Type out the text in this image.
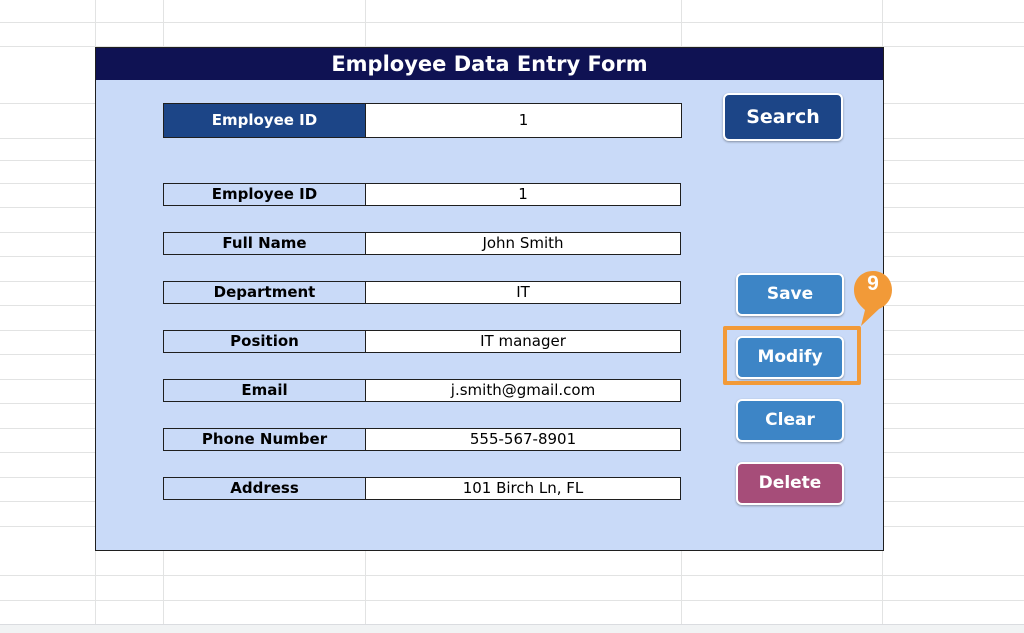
Employee Data Entry Form
Employee ID	1
Employee ID	1
Full Name	John Smith
Department	IT
Position	IT manager
Email	j.smith@gmail.com
Phone Number	555-567-8901
Address	101 Birch Ln, FL
Search
Save
Modify
Clear
Delete
9
